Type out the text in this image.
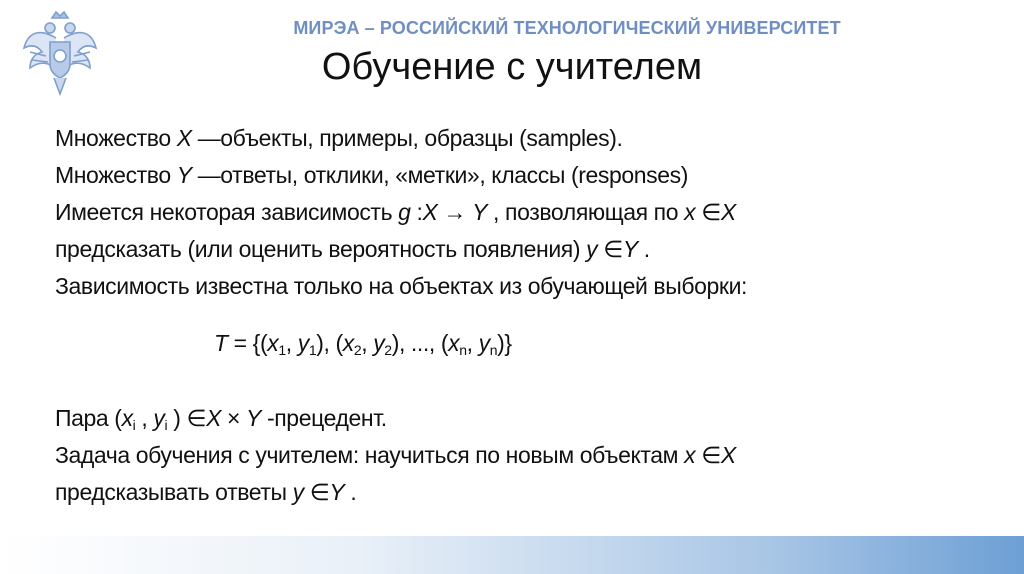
МИРЭА – РОССИЙСКИЙ ТЕХНОЛОГИЧЕСКИЙ УНИВЕРСИТЕТ
Обучение с учителем
Множество X —объекты, примеры, образцы (samples).
Множество Y —ответы, отклики, «метки», классы (responses)
Имеется некоторая зависимость g :X → Y , позволяющая по x ∈X
предсказать (или оценить вероятность появления) y ∈Y .
Зависимость известна только на объектах из обучающей выборки:
$T = \{(x_1$, $y_1$), ($x_2$, $y_2$), ..., ($x_n$, $y_n$)}
Пара ($x_i$ , $y_i$ ) ∈X × Y -прецедент.
Задача обучения с учителем: научиться по новым объектам x ∈X
предсказывать ответы y ∈Y .
